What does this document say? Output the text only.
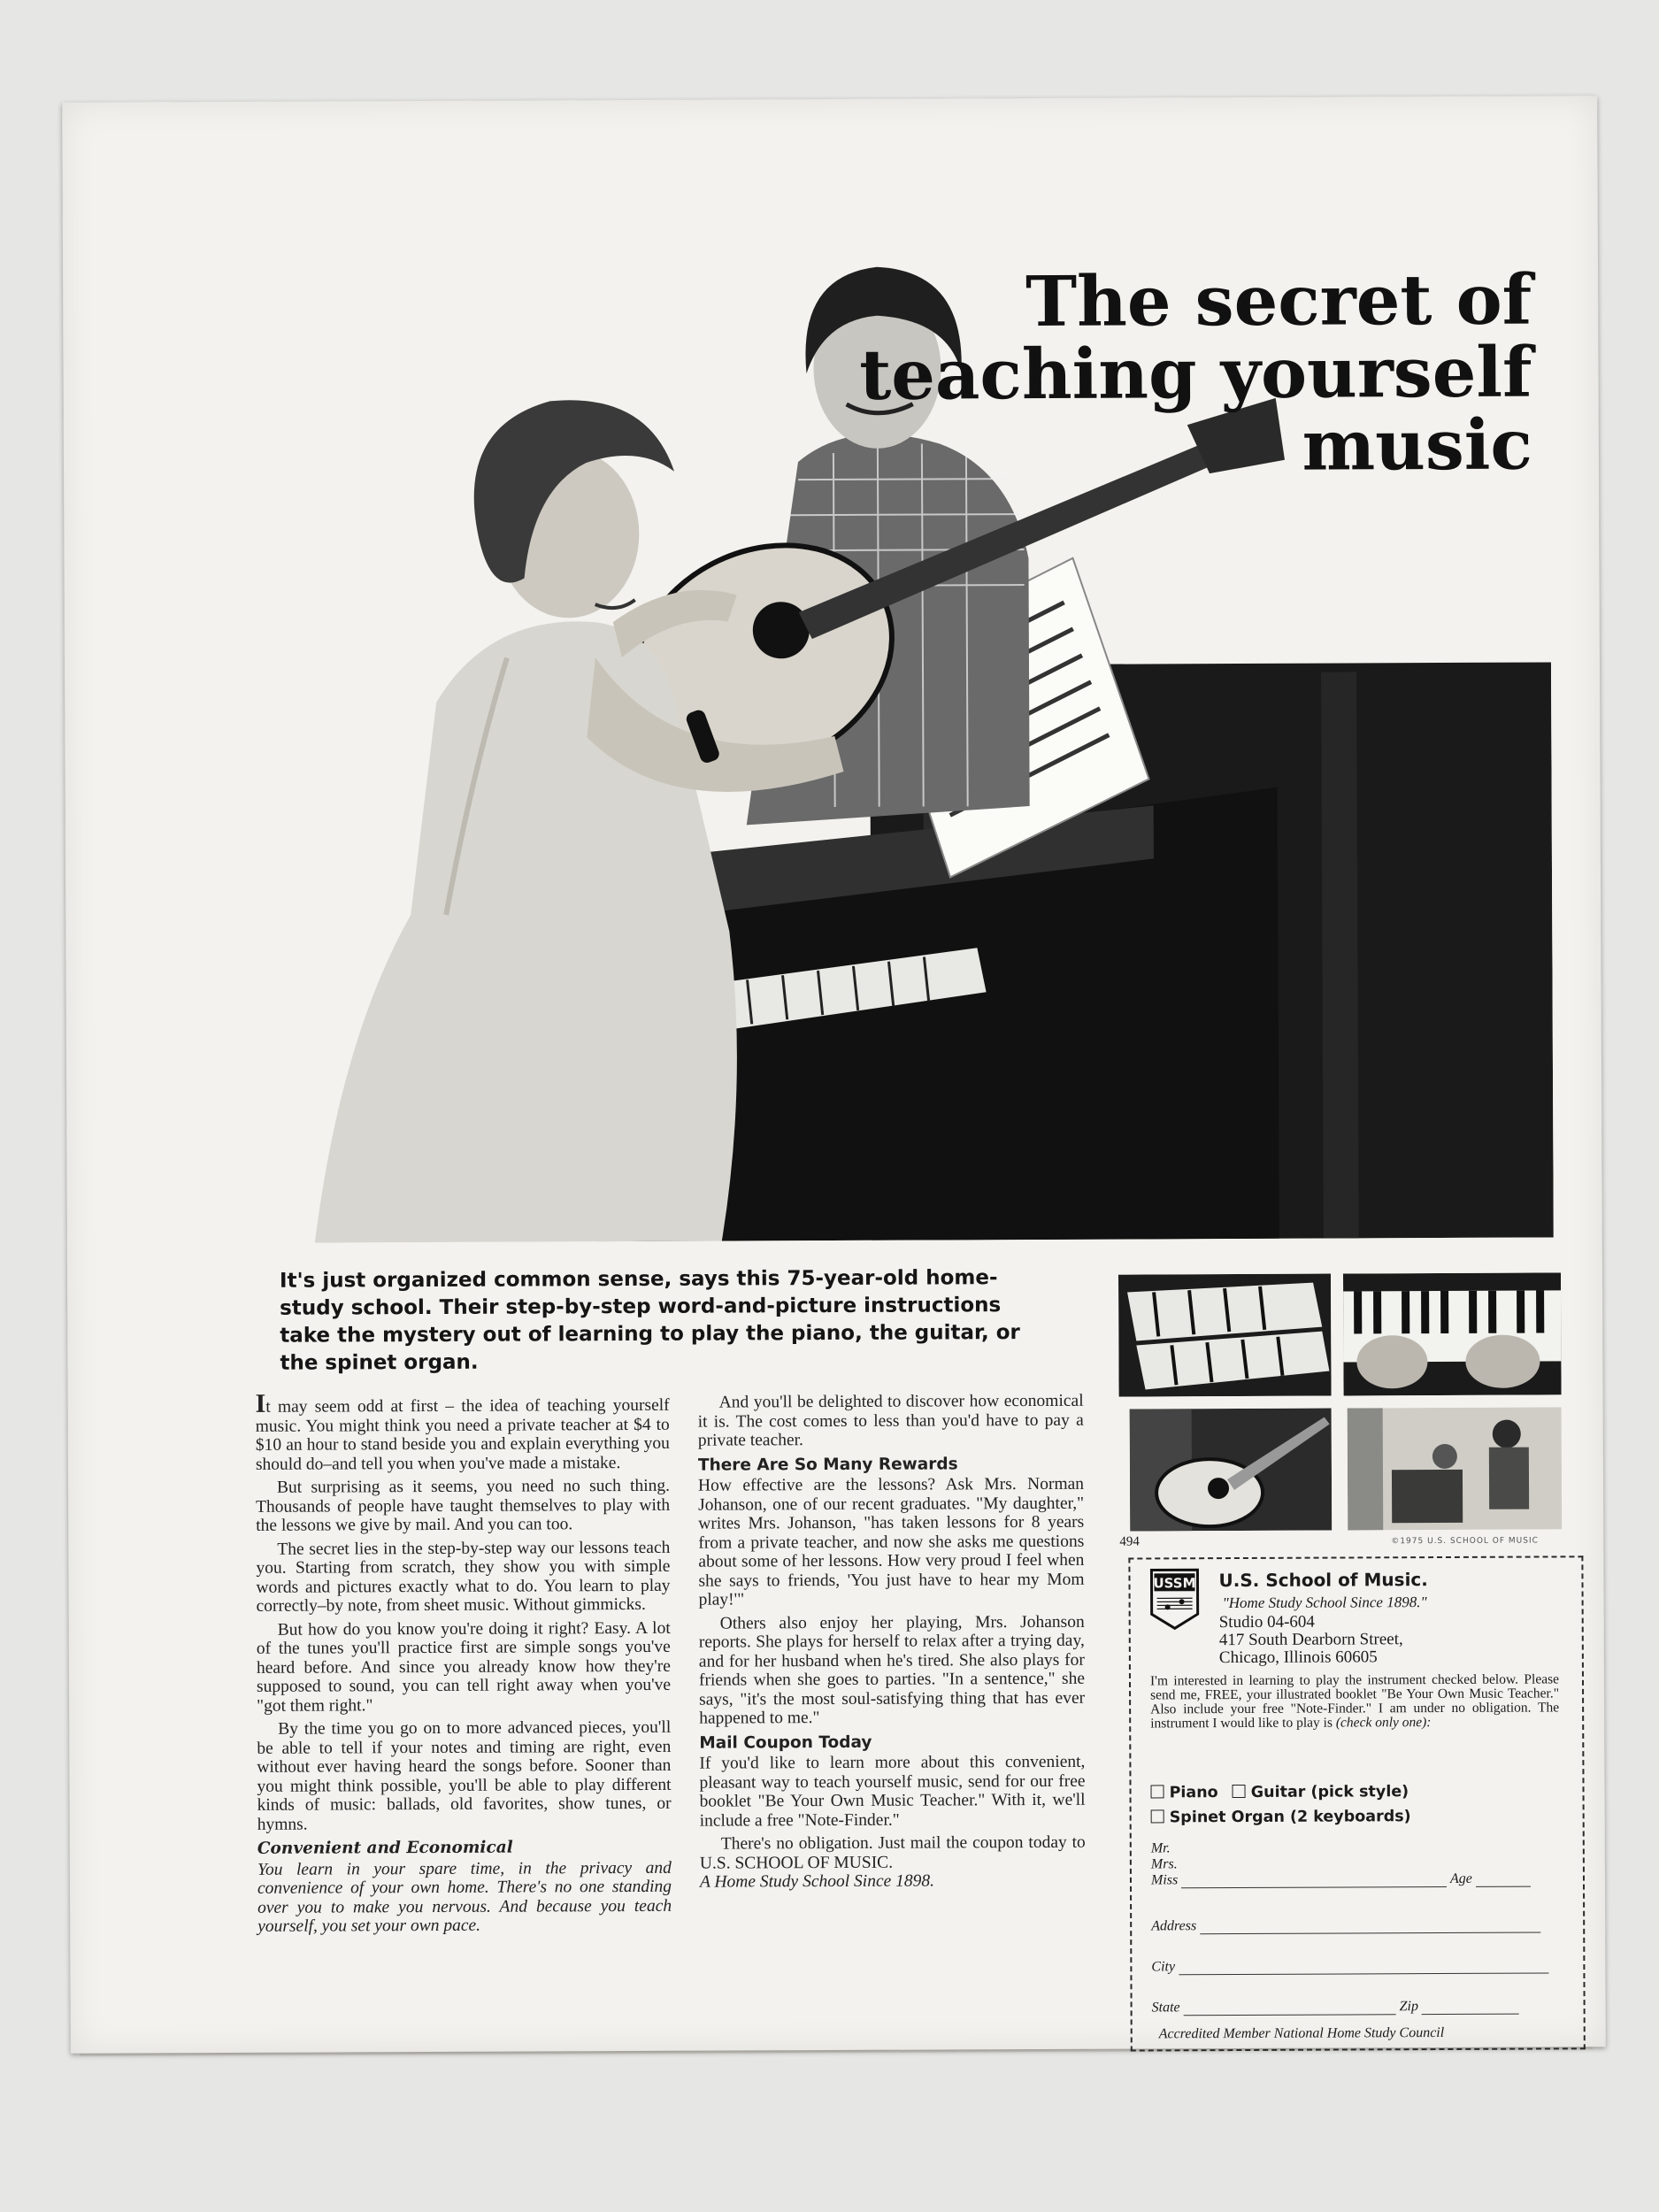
The secret of
teaching yourself
music

It's just organized common sense, says this 75-year-old home-study school. Their step-by-step word-and-picture instructions take the mystery out of learning to play the piano, the guitar, or the spinet organ.

It may seem odd at first – the idea of teaching yourself music. You might think you need a private teacher at $4 to $10 an hour to stand beside you and explain everything you should do–and tell you when you've made a mistake.

But surprising as it seems, you need no such thing. Thousands of people have taught themselves to play with the lessons we give by mail. And you can too.

The secret lies in the step-by-step way our lessons teach you. Starting from scratch, they show you with simple words and pictures exactly what to do. You learn to play correctly–by note, from sheet music. Without gimmicks.

But how do you know you're doing it right? Easy. A lot of the tunes you'll practice first are simple songs you've heard before. And since you already know how they're supposed to sound, you can tell right away when you've "got them right."

By the time you go on to more advanced pieces, you'll be able to tell if your notes and timing are right, even without ever having heard the songs before. Sooner than you might think possible, you'll be able to play different kinds of music: ballads, old favorites, show tunes, or hymns.

Convenient and Economical

You learn in your spare time, in the privacy and convenience of your own home. There's no one standing over you to make you nervous. And because you teach yourself, you set your own pace.

And you'll be delighted to discover how economical it is. The cost comes to less than you'd have to pay a private teacher.

There Are So Many Rewards

How effective are the lessons? Ask Mrs. Norman Johanson, one of our recent graduates. "My daughter," writes Mrs. Johanson, "has taken lessons for 8 years from a private teacher, and now she asks me questions about some of her lessons. How very proud I feel when she says to friends, 'You just have to hear my Mom play!'"

Others also enjoy her playing, Mrs. Johanson reports. She plays for herself to relax after a trying day, and for her husband when he's tired. She also plays for friends when she goes to parties. "In a sentence," she says, "it's the most soul-satisfying thing that has ever happened to me."

Mail Coupon Today

If you'd like to learn more about this convenient, pleasant way to teach yourself music, send for our free booklet "Be Your Own Music Teacher." With it, we'll include a free "Note-Finder."

There's no obligation. Just mail the coupon today to U.S. SCHOOL OF MUSIC.
A Home Study School Since 1898.

494	©1975 U.S. SCHOOL OF MUSIC
USSM U.S. School of Music.
"Home Study School Since 1898."
Studio 04-604
417 South Dearborn Street,
Chicago, Illinois 60605
I'm interested in learning to play the instrument checked below. Please send me, FREE, your illustrated booklet "Be Your Own Music Teacher." Also include your free "Note-Finder." I am under no obligation. The instrument I would like to play is (check only one):
Piano Guitar (pick style)
Spinet Organ (2 keyboards)
Mr.
Mrs.
Miss	Age
Address
City
State	Zip
Accredited Member National Home Study Council
